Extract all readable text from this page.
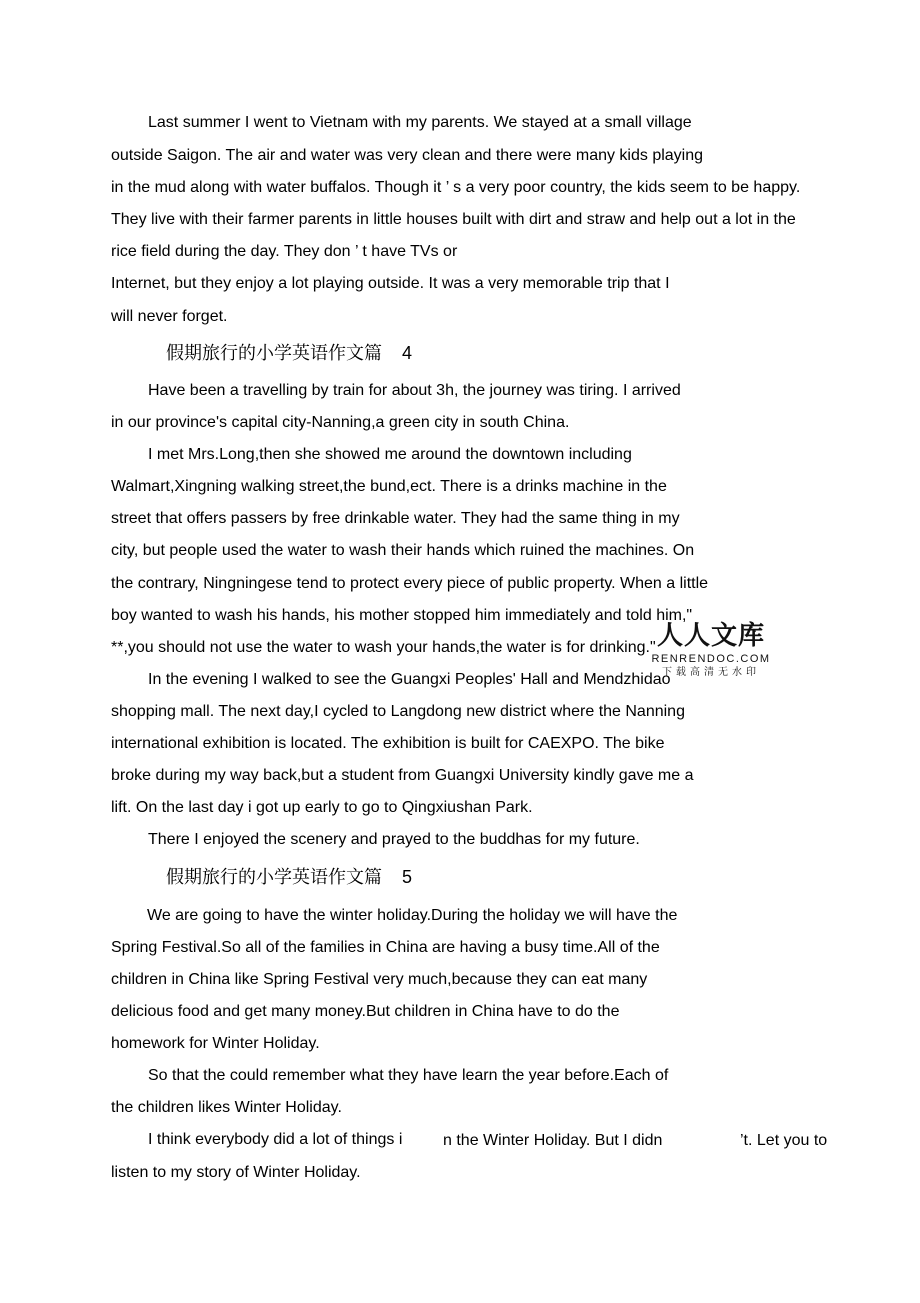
Last summer I went to Vietnam with my parents. We stayed at a small village
outside Saigon. The air and water was very clean and there were many kids playing
in the mud along with water buffalos. Though it ’ s a very poor country, the kids seem to be happy.
They live with their farmer parents in little houses built with dirt and straw and help out a lot in the
rice field during the day. They don ’ t have TVs or
Internet, but they enjoy a lot playing outside. It was a very memorable trip that I
will never forget.
假期旅行的小学英语作文篇 4
Have been a travelling by train for about 3h, the journey was tiring. I arrived
in our province's capital city-Nanning,a green city in south China.
I met Mrs.Long,then she showed me around the downtown including
Walmart,Xingning walking street,the bund,ect. There is a drinks machine in the
street that offers passers by free drinkable water. They had the same thing in my
city, but people used the water to wash their hands which ruined the machines. On
the contrary, Ningningese tend to protect every piece of public property. When a little
boy wanted to wash his hands, his mother stopped him immediately and told him,"
**,you should not use the water to wash your hands,the water is for drinking."
In the evening I walked to see the Guangxi Peoples' Hall and Mendzhidao
shopping mall. The next day,I cycled to Langdong new district where the Nanning
international exhibition is located. The exhibition is built for CAEXPO. The bike
broke during my way back,but a student from Guangxi University kindly gave me a
lift. On the last day i got up early to go to Qingxiushan Park.
There I enjoyed the scenery and prayed to the buddhas for my future.
假期旅行的小学英语作文篇 5
We are going to have the winter holiday.During the holiday we will have the
Spring Festival.So all of the families in China are having a busy time.All of the
children in China like Spring Festival very much,because they can eat many
delicious food and get many money.But children in China have to do the
homework for Winter Holiday.
So that the could remember what they have learn the year before.Each of
the children likes Winter Holiday.
I think everybody did a lot of things i	n the Winter Holiday. But I didn	’t. Let you to
listen to my story of Winter Holiday.
人人文库
RENRENDOC.COM
下载高清无水印
